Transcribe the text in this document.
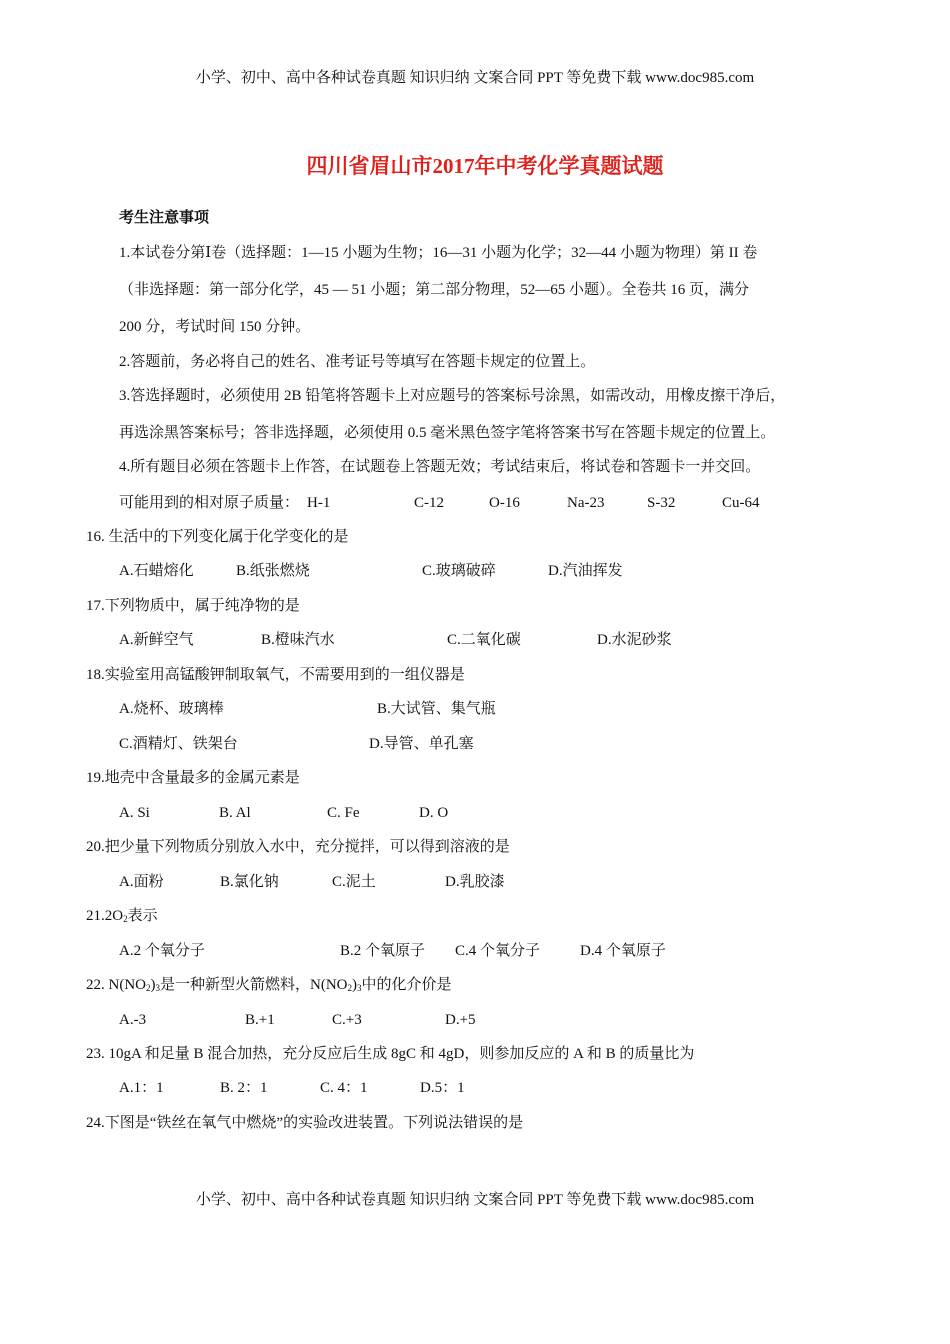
小学、初中、高中各种试卷真题 知识归纳 文案合同 PPT 等免费下载 www.doc985.com
四川省眉山市2017年中考化学真题试题
考生注意事项
1.本试卷分第Ⅰ卷（选择题：1—15 小题为生物；16—31 小题为化学；32—44 小题为物理）第 II 卷
（非选择题：第一部分化学，45 — 51 小题；第二部分物理，52—65 小题）。全卷共 16 页，满分
200 分，考试时间 150 分钟。
2.答题前，务必将自己的姓名、准考证号等填写在答题卡规定的位置上。
3.答选择题时，必须使用 2B 铅笔将答题卡上对应题号的答案标号涂黑，如需改动，用橡皮擦干净后，
再选涂黑答案标号；答非选择题，必须使用 0.5 毫米黑色签字笔将答案书写在答题卡规定的位置上。
4.所有题目必须在答题卡上作答，在试题卷上答题无效；考试结束后，将试卷和答题卡一并交回。
可能用到的相对原子质量： H-1	C-12	O-16	Na-23	S-32	Cu-64
16. 生活中的下列变化属于化学变化的是
A.石蜡熔化	B.纸张燃烧	C.玻璃破碎	D.汽油挥发
17.下列物质中，属于纯净物的是
A.新鲜空气	B.橙味汽水	C.二氧化碳	D.水泥砂浆
18.实验室用高锰酸钾制取氧气，不需要用到的一组仪器是
A.烧杯、玻璃棒	B.大试管、集气瓶
C.酒精灯、铁架台	D.导管、单孔塞
19.地壳中含量最多的金属元素是
A. Si	B. Al	C. Fe	D. O
20.把少量下列物质分别放入水中，充分搅拌，可以得到溶液的是
A.面粉	B.氯化钠	C.泥土	D.乳胶漆
$21.2O_2$表示
A.2 个氧分子	B.2 个氧原子	C.4 个氧分子	D.4 个氧原子
22. $N(NO_2)_3$是一种新型火箭燃料，$N(NO_2)_3$中的化介价是
A.-3	B.+1	C.+3	D.+5
23. 10gA 和足量 B 混合加热，充分反应后生成 8gC 和 4gD，则参加反应的 A 和 B 的质量比为
A.1：1	B. 2：1	C. 4：1	D.5：1
24.下图是“铁丝在氧气中燃烧”的实验改进装置。下列说法错误的是
小学、初中、高中各种试卷真题 知识归纳 文案合同 PPT 等免费下载 www.doc985.com
